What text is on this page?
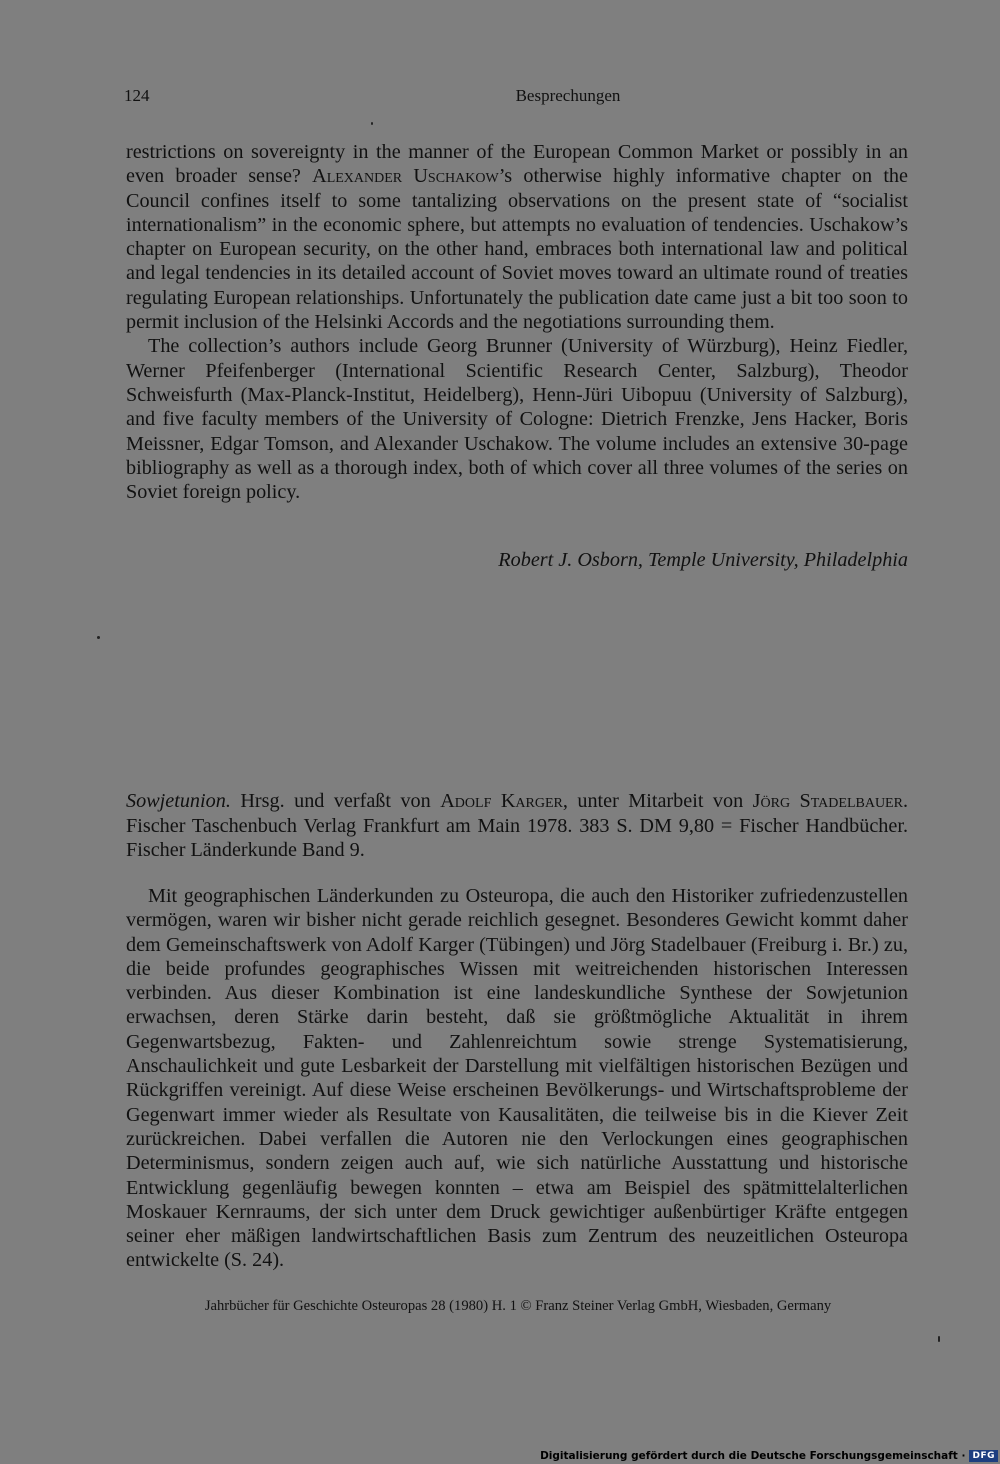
124	Besprechungen

restrictions on sovereignty in the manner of the European Common Market or possibly in an even broader sense? Alexander Uschakow’s otherwise highly informative chapter on the Council confines itself to some tantalizing observations on the present state of “socialist internationalism” in the economic sphere, but attempts no evaluation of tendencies. Uschakow’s chapter on European security, on the other hand, embraces both international law and political and legal tendencies in its detailed account of Soviet moves toward an ultimate round of treaties regulating European relationships. Unfortunately the publication date came just a bit too soon to permit inclusion of the Helsinki Accords and the negotiations surrounding them.

The collection’s authors include Georg Brunner (University of Würzburg), Heinz Fiedler, Werner Pfeifenberger (International Scientific Research Center, Salzburg), Theodor Schweisfurth (Max-Planck-Institut, Heidelberg), Henn-Jüri Uibopuu (University of Salzburg), and five faculty members of the University of Cologne: Dietrich Frenzke, Jens Hacker, Boris Meissner, Edgar Tomson, and Alexander Uschakow. The volume includes an extensive 30-page bibliography as well as a thorough index, both of which cover all three volumes of the series on Soviet foreign policy.

Robert J. Osborn, Temple University, Philadelphia
Sowjetunion. Hrsg. und verfaßt von Adolf Karger, unter Mitarbeit von Jörg Stadelbauer. Fischer Taschenbuch Verlag Frankfurt am Main 1978. 383 S. DM 9,80 = Fischer Handbücher. Fischer Länderkunde Band 9.

Mit geographischen Länderkunden zu Osteuropa, die auch den Historiker zufriedenzustellen vermögen, waren wir bisher nicht gerade reichlich gesegnet. Besonderes Gewicht kommt daher dem Gemeinschaftswerk von Adolf Karger (Tübingen) und Jörg Stadelbauer (Freiburg i. Br.) zu, die beide profundes geographisches Wissen mit weitreichenden historischen Interessen verbinden. Aus dieser Kombination ist eine landeskundliche Synthese der Sowjetunion erwachsen, deren Stärke darin besteht, daß sie größtmögliche Aktualität in ihrem Gegenwartsbezug, Fakten- und Zahlenreichtum sowie strenge Systematisierung, Anschaulichkeit und gute Lesbarkeit der Darstellung mit vielfältigen historischen Bezügen und Rückgriffen vereinigt. Auf diese Weise erscheinen Bevölkerungs- und Wirtschaftsprobleme der Gegenwart immer wieder als Resultate von Kausalitäten, die teilweise bis in die Kiever Zeit zurückreichen. Dabei verfallen die Autoren nie den Verlockungen eines geographischen Determinismus, sondern zeigen auch auf, wie sich natürliche Ausstattung und historische Entwicklung gegenläufig bewegen konnten – etwa am Beispiel des spätmittelalterlichen Moskauer Kernraums, der sich unter dem Druck gewichtiger außenbürtiger Kräfte entgegen seiner eher mäßigen landwirtschaftlichen Basis zum Zentrum des neuzeitlichen Osteuropa entwickelte (S. 24).

Jahrbücher für Geschichte Osteuropas 28 (1980) H. 1 © Franz Steiner Verlag GmbH, Wiesbaden, Germany
Digitalisierung gefördert durch die Deutsche Forschungsgemeinschaft · DFG
